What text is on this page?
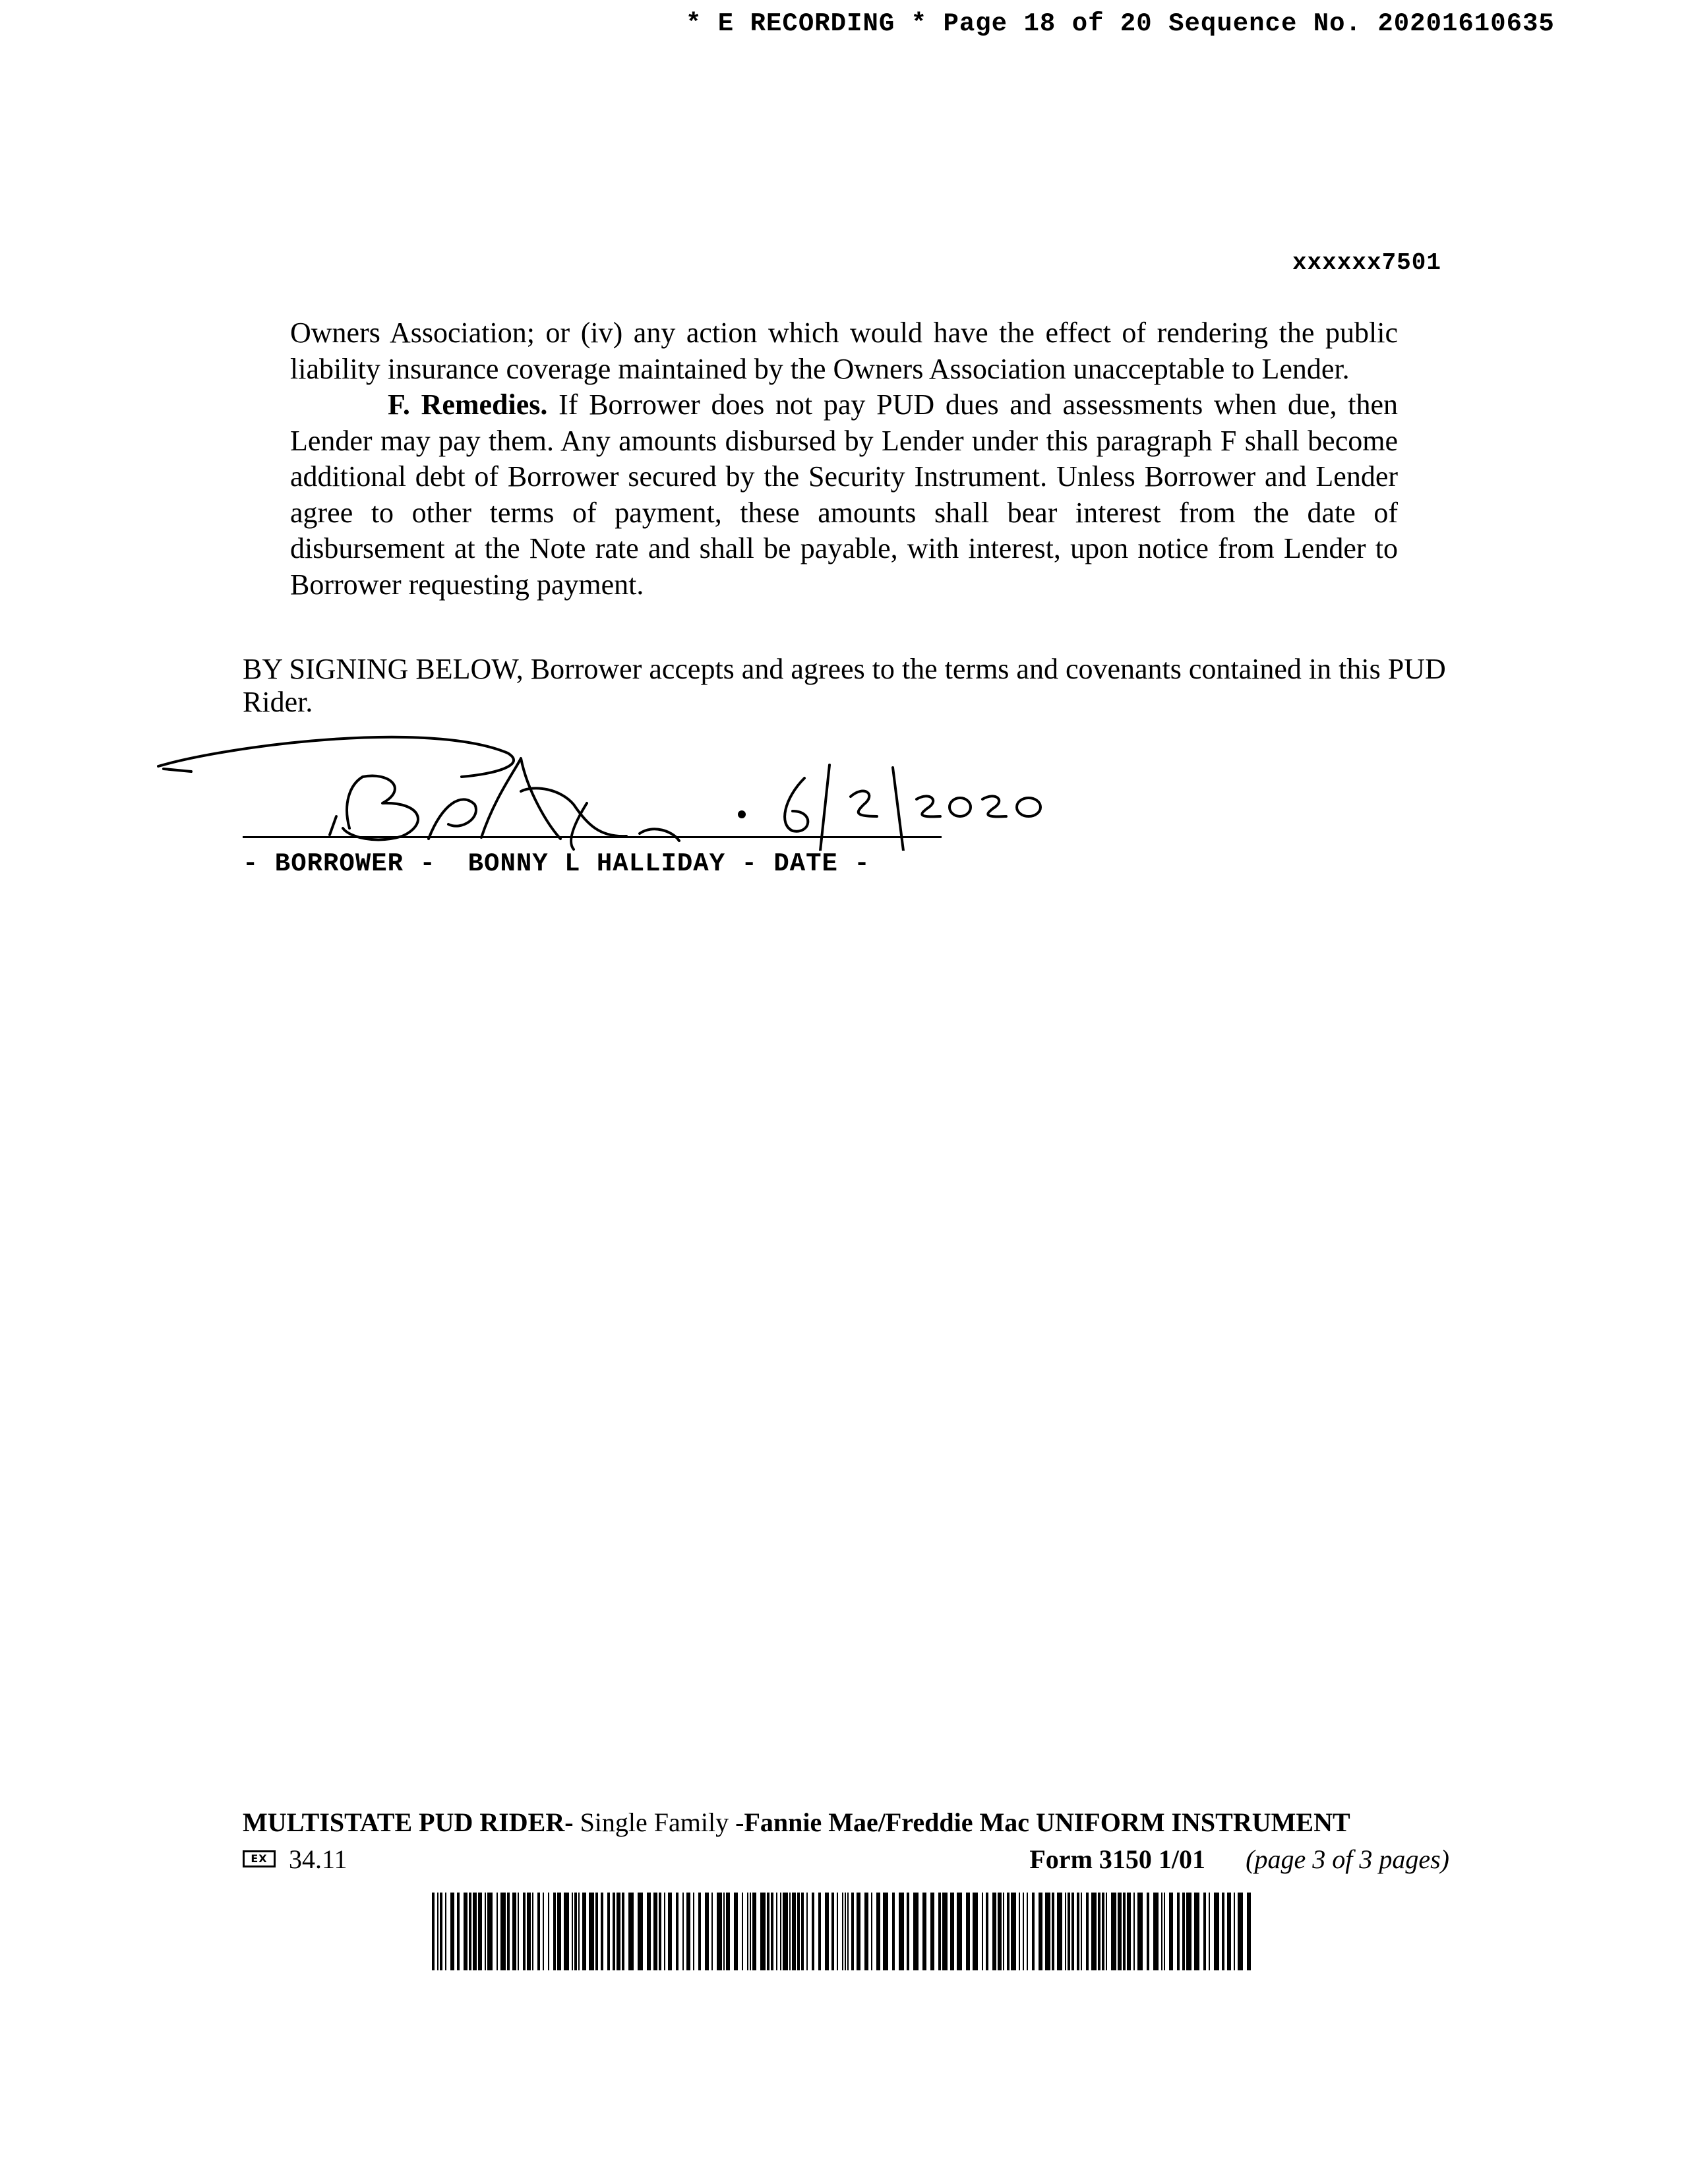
* E RECORDING * Page 18 of 20 Sequence No. 20201610635
xxxxxx7501

Owners Association; or (iv) any action which would have the effect of rendering the public liability insurance coverage maintained by the Owners Association unacceptable to Lender.

F. Remedies. If Borrower does not pay PUD dues and assessments when due, then Lender may pay them. Any amounts disbursed by Lender under this paragraph F shall become additional debt of Borrower secured by the Security Instrument. Unless Borrower and Lender agree to other terms of payment, these amounts shall bear interest from the date of disbursement at the Note rate and shall be payable, with interest, upon notice from Lender to Borrower requesting payment.

BY SIGNING BELOW, Borrower accepts and agrees to the terms and covenants contained in this PUD Rider.

- BORROWER -  BONNY L HALLIDAY - DATE -
MULTISTATE PUD RIDER- Single Family -Fannie Mae/Freddie Mac UNIFORM INSTRUMENT
EX 34.11	Form 3150 1/01 (page 3 of 3 pages)
